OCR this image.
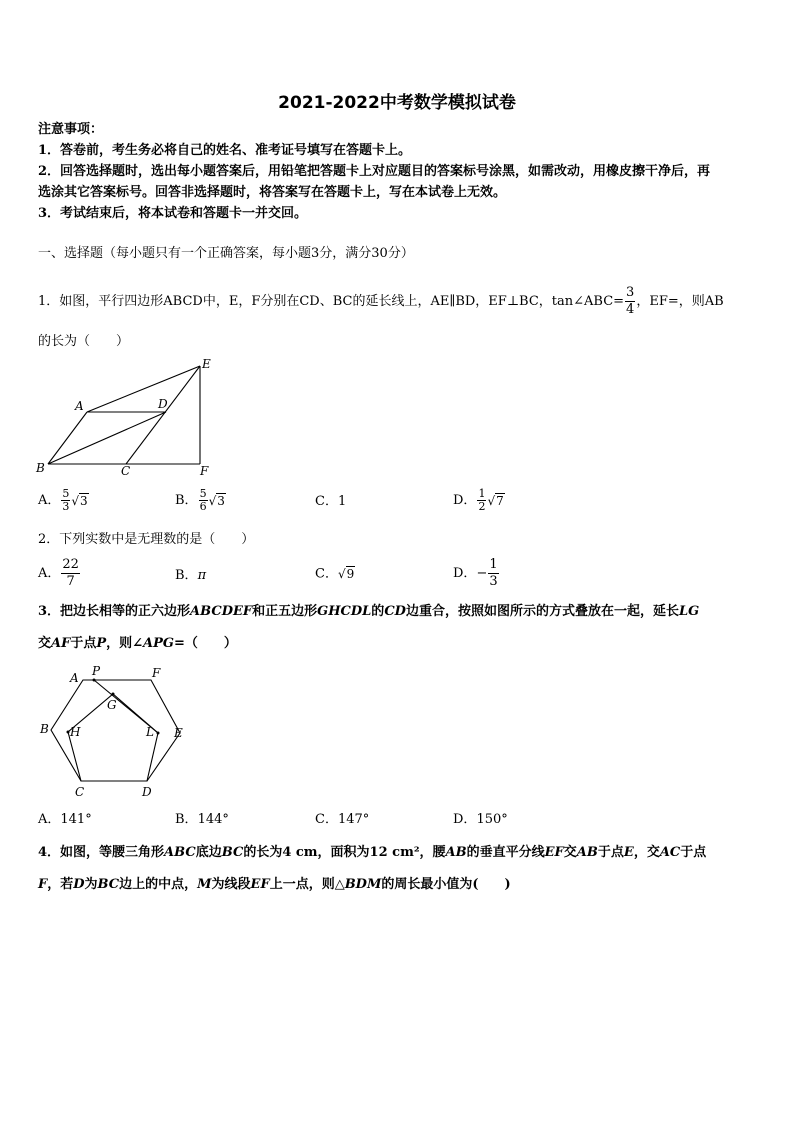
2021-2022中考数学模拟试卷
注意事项：
1．答卷前，考生务必将自己的姓名、准考证号填写在答题卡上。
2．回答选择题时，选出每小题答案后，用铅笔把答题卡上对应题目的答案标号涂黑，如需改动，用橡皮擦干净后，再
选涂其它答案标号。回答非选择题时，将答案写在答题卡上，写在本试卷上无效。
3．考试结束后，将本试卷和答题卡一并交回。
一、选择题（每小题只有一个正确答案，每小题3分，满分30分）
1．如图，平行四边形ABCD中，E，F分别在CD、BC的延长线上，AE∥BD，EF⊥BC，tan∠ABC= $\frac{3}{4}$ ，EF=，则AB
的长为（　　）
A	D
E
B	C	F
A． $\frac{5}{3} √3$	B． $\frac{5}{6} √3$	C．1	D． $\frac{1}{2} √7$
2．下列实数中是无理数的是（　　）
A． $\frac{22}{7}$	B．π	C．√9	D．− $\frac{1}{3}$
3．把边长相等的正六边形ABCDEF和正五边形GHCDL的CD边重合，按照如图所示的方式叠放在一起，延长LG
交AF于点P，则∠APG=（　　）
A P	F
G
B H	L E
C	D
A．141°	B．144°	C．147°	D．150°
4．如图，等腰三角形ABC底边BC的长为4 cm，面积为12 cm²，腰AB的垂直平分线EF交AB于点E，交AC于点
F，若D为BC边上的中点，M为线段EF上一点，则△BDM的周长最小值为(　　)
